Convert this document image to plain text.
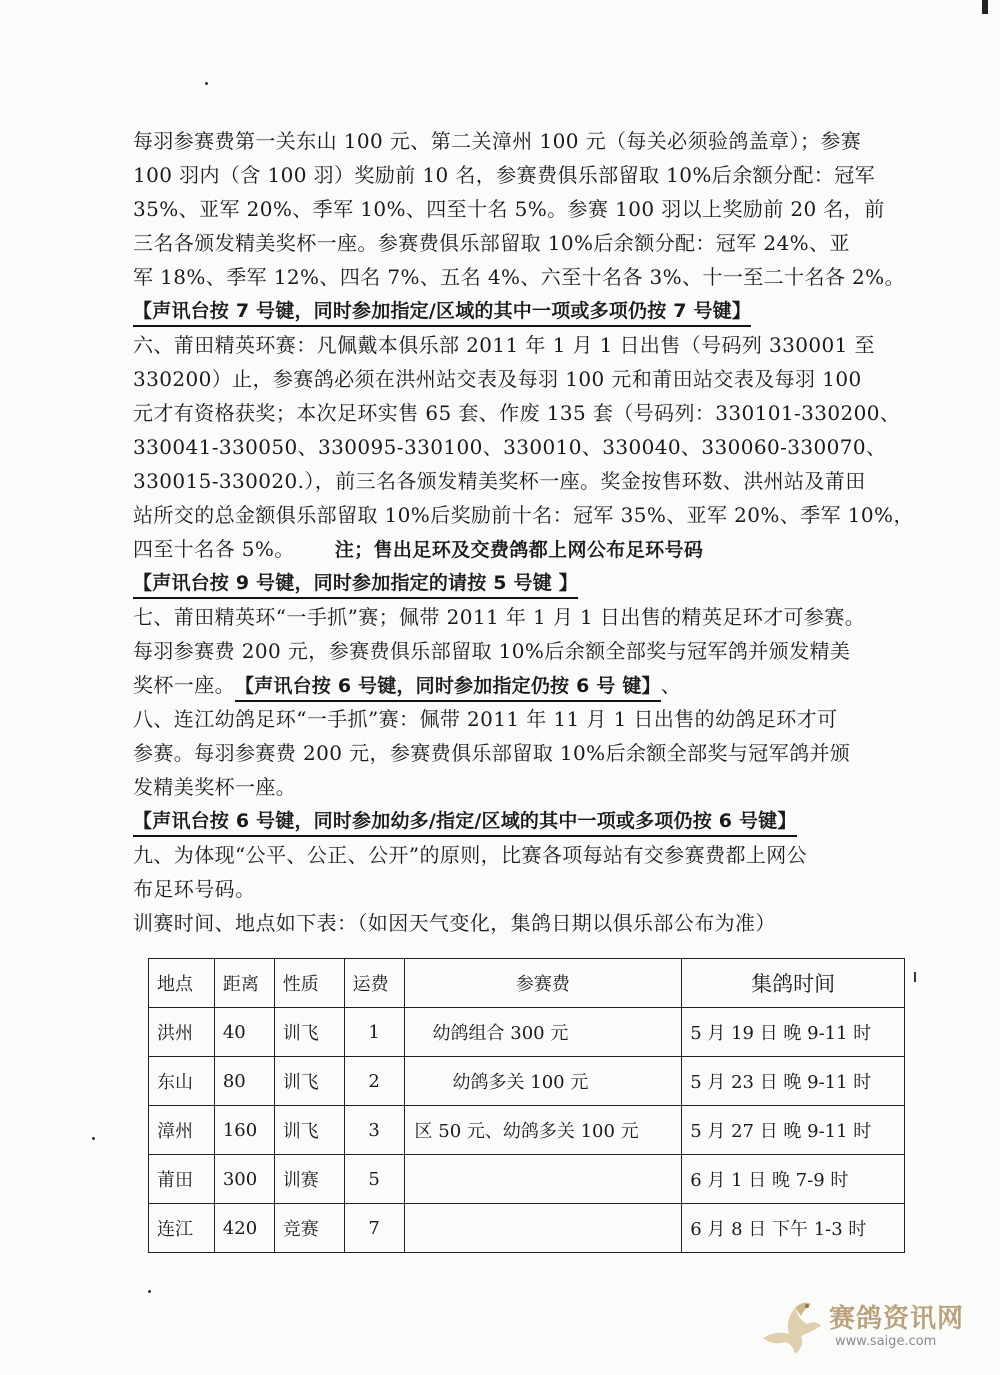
每羽参赛费第一关东山 100 元、第二关漳州 100 元（每关必须验鸽盖章）；参赛
100 羽内（含 100 羽）奖励前 10 名，参赛费俱乐部留取 10%后余额分配：冠军
35%、亚军 20%、季军 10%、四至十名 5%。参赛 100 羽以上奖励前 20 名，前
三名各颁发精美奖杯一座。参赛费俱乐部留取 10%后余额分配：冠军 24%、亚
军 18%、季军 12%、四名 7%、五名 4%、六至十名各 3%、十一至二十名各 2%。
【声讯台按 7 号键，同时参加指定/区域的其中一项或多项仍按 7 号键】
六、莆田精英环赛：凡佩戴本俱乐部 2011 年 1 月 1 日出售（号码列 330001 至
330200）止，参赛鸽必须在洪州站交表及每羽 100 元和莆田站交表及每羽 100
元才有资格获奖；本次足环实售 65 套、作废 135 套（号码列：330101-330200、
330041-330050、330095-330100、330010、330040、330060-330070、
330015-330020.），前三名各颁发精美奖杯一座。奖金按售环数、洪州站及莆田
站所交的总金额俱乐部留取 10%后奖励前十名：冠军 35%、亚军 20%、季军 10%，
四至十名各 5%。 注；售出足环及交费鸽都上网公布足环号码
【声讯台按 9 号键，同时参加指定的请按 5 号键 】
七、莆田精英环“一手抓”赛；佩带 2011 年 1 月 1 日出售的精英足环才可参赛。
每羽参赛费 200 元，参赛费俱乐部留取 10%后余额全部奖与冠军鸽并颁发精美
奖杯一座。【声讯台按 6 号键，同时参加指定仍按 6 号 键】、
八、连江幼鸽足环“一手抓”赛：佩带 2011 年 11 月 1 日出售的幼鸽足环才可
参赛。每羽参赛费 200 元，参赛费俱乐部留取 10%后余额全部奖与冠军鸽并颁
发精美奖杯一座。
【声讯台按 6 号键，同时参加幼多/指定/区域的其中一项或多项仍按 6 号键】
九、为体现“公平、公正、公开”的原则，比赛各项每站有交参赛费都上网公
布足环号码。
训赛时间、地点如下表：（如因天气变化，集鸽日期以俱乐部公布为准）
地点	距离	性质	运费	参赛费	集鸽时间
洪州	40	训飞	1	幼鸽组合 300 元	5 月 19 日 晚 9-11 时
东山	80	训飞	2	幼鸽多关 100 元	5 月 23 日 晚 9-11 时
漳州	160	训飞	3	区 50 元、幼鸽多关 100 元	5 月 27 日 晚 9-11 时
莆田	300	训赛	5		6 月 1 日 晚 7-9 时
连江	420	竞赛	7		6 月 8 日 下午 1-3 时
赛鸽资讯网
www.saige.com
